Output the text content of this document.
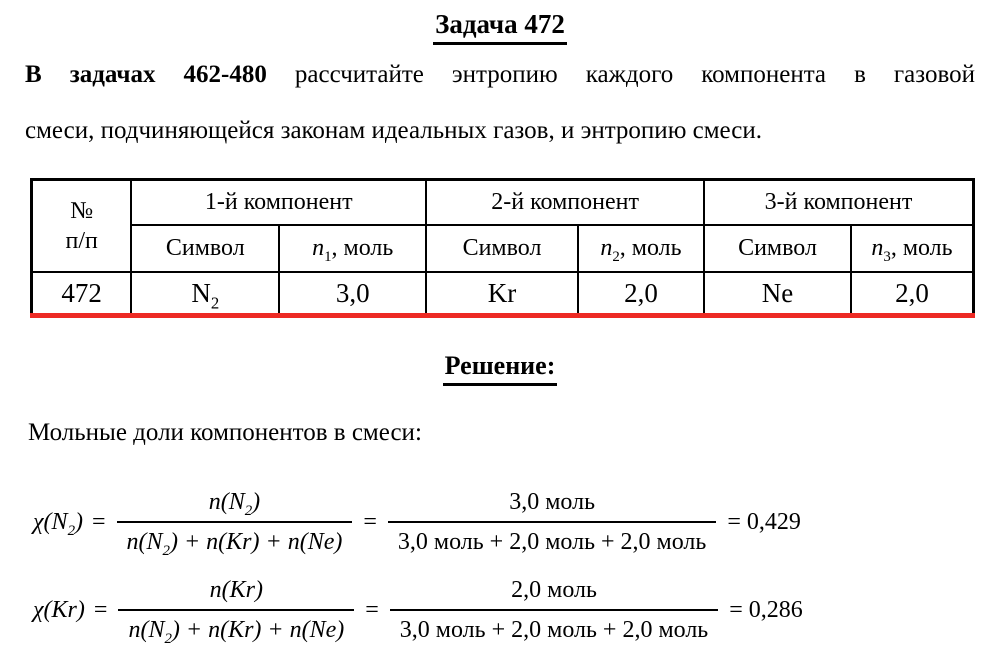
Задача 472
В задачах 462-480 рассчитайте энтропию каждого компонента в газовой
смеси, подчиняющейся законам идеальных газов, и энтропию смеси.
№
п/п	1-й компонент		2-й компонент		3-й компонент	
	Символ	$n_1$, моль	Символ	$n_2$, моль	Символ	$n_3$, моль
472	$N_2$	3,0	Kr	2,0	Ne	2,0
Решение:
Мольные доли компонентов в смеси:
$\chi(N_2) = \frac{n(N_2)}{n(N_2) + n(Kr) + n(Ne)} = \frac{\text{3,0 моль}}{\text{3,0 моль + 2,0 моль + 2,0 моль}} = 0,429$
$\chi(Kr) = \frac{n(Kr)}{n(N_2) + n(Kr) + n(Ne)} = \frac{\text{2,0 моль}}{\text{3,0 моль + 2,0 моль + 2,0 моль}} = 0,286$
